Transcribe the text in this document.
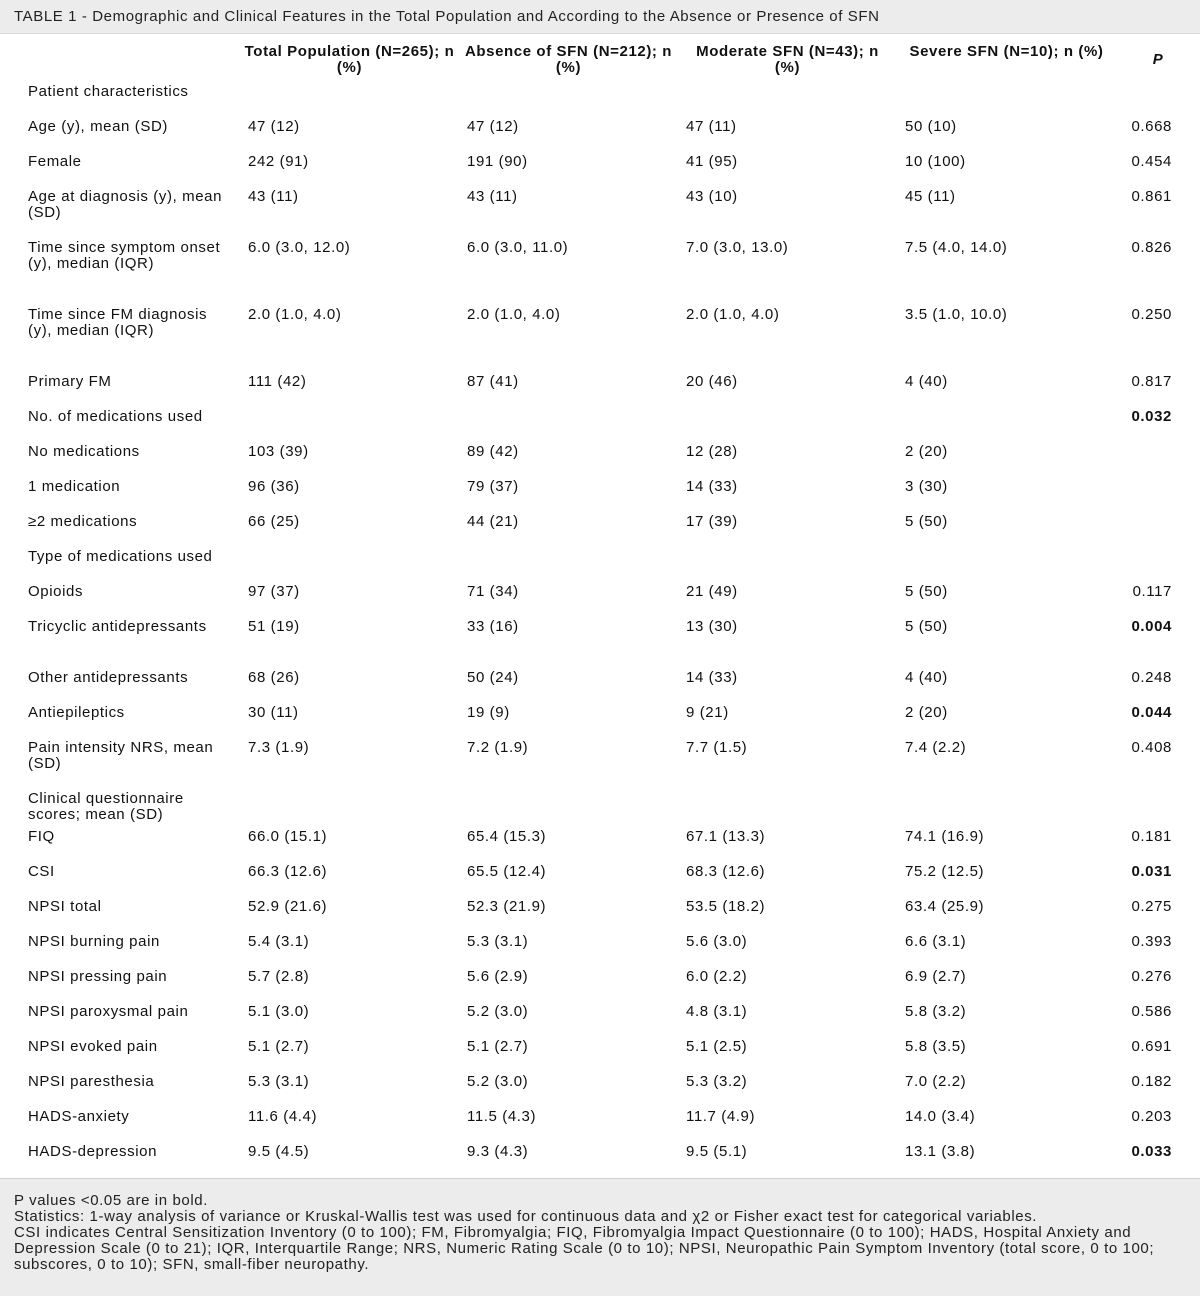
TABLE 1 - Demographic and Clinical Features in the Total Population and According to the Absence or Presence of SFN
	Total Population (N=265); n (%)	Absence of SFN (N=212); n (%)	Moderate SFN (N=43); n (%)	Severe SFN (N=10); n (%)	P
Patient characteristics					
Age (y), mean (SD)	47 (12)	47 (12)	47 (11)	50 (10)	0.668
Female	242 (91)	191 (90)	41 (95)	10 (100)	0.454
Age at diagnosis (y), mean (SD)	43 (11)	43 (11)	43 (10)	45 (11)	0.861
Time since symptom onset (y), median (IQR)	6.0 (3.0, 12.0)	6.0 (3.0, 11.0)	7.0 (3.0, 13.0)	7.5 (4.0, 14.0)	0.826
Time since FM diagnosis (y), median (IQR)	2.0 (1.0, 4.0)	2.0 (1.0, 4.0)	2.0 (1.0, 4.0)	3.5 (1.0, 10.0)	0.250
Primary FM	111 (42)	87 (41)	20 (46)	4 (40)	0.817
No. of medications used					0.032
No medications	103 (39)	89 (42)	12 (28)	2 (20)	
1 medication	96 (36)	79 (37)	14 (33)	3 (30)	
≥2 medications	66 (25)	44 (21)	17 (39)	5 (50)	
Type of medications used					
Opioids	97 (37)	71 (34)	21 (49)	5 (50)	0.117
Tricyclic antidepressants	51 (19)	33 (16)	13 (30)	5 (50)	0.004
Other antidepressants	68 (26)	50 (24)	14 (33)	4 (40)	0.248
Antiepileptics	30 (11)	19 (9)	9 (21)	2 (20)	0.044
Pain intensity NRS, mean (SD)	7.3 (1.9)	7.2 (1.9)	7.7 (1.5)	7.4 (2.2)	0.408
Clinical questionnaire scores; mean (SD)					
FIQ	66.0 (15.1)	65.4 (15.3)	67.1 (13.3)	74.1 (16.9)	0.181
CSI	66.3 (12.6)	65.5 (12.4)	68.3 (12.6)	75.2 (12.5)	0.031
NPSI total	52.9 (21.6)	52.3 (21.9)	53.5 (18.2)	63.4 (25.9)	0.275
NPSI burning pain	5.4 (3.1)	5.3 (3.1)	5.6 (3.0)	6.6 (3.1)	0.393
NPSI pressing pain	5.7 (2.8)	5.6 (2.9)	6.0 (2.2)	6.9 (2.7)	0.276
NPSI paroxysmal pain	5.1 (3.0)	5.2 (3.0)	4.8 (3.1)	5.8 (3.2)	0.586
NPSI evoked pain	5.1 (2.7)	5.1 (2.7)	5.1 (2.5)	5.8 (3.5)	0.691
NPSI paresthesia	5.3 (3.1)	5.2 (3.0)	5.3 (3.2)	7.0 (2.2)	0.182
HADS-anxiety	11.6 (4.4)	11.5 (4.3)	11.7 (4.9)	14.0 (3.4)	0.203
HADS-depression	9.5 (4.5)	9.3 (4.3)	9.5 (5.1)	13.1 (3.8)	0.033

P values <0.05 are in bold.

Statistics: 1-way analysis of variance or Kruskal-Wallis test was used for continuous data and χ2 or Fisher exact test for categorical variables.

CSI indicates Central Sensitization Inventory (0 to 100); FM, Fibromyalgia; FIQ, Fibromyalgia Impact Questionnaire (0 to 100); HADS, Hospital Anxiety and Depression Scale (0 to 21); IQR, Interquartile Range; NRS, Numeric Rating Scale (0 to 10); NPSI, Neuropathic Pain Symptom Inventory (total score, 0 to 100; subscores, 0 to 10); SFN, small-fiber neuropathy.
